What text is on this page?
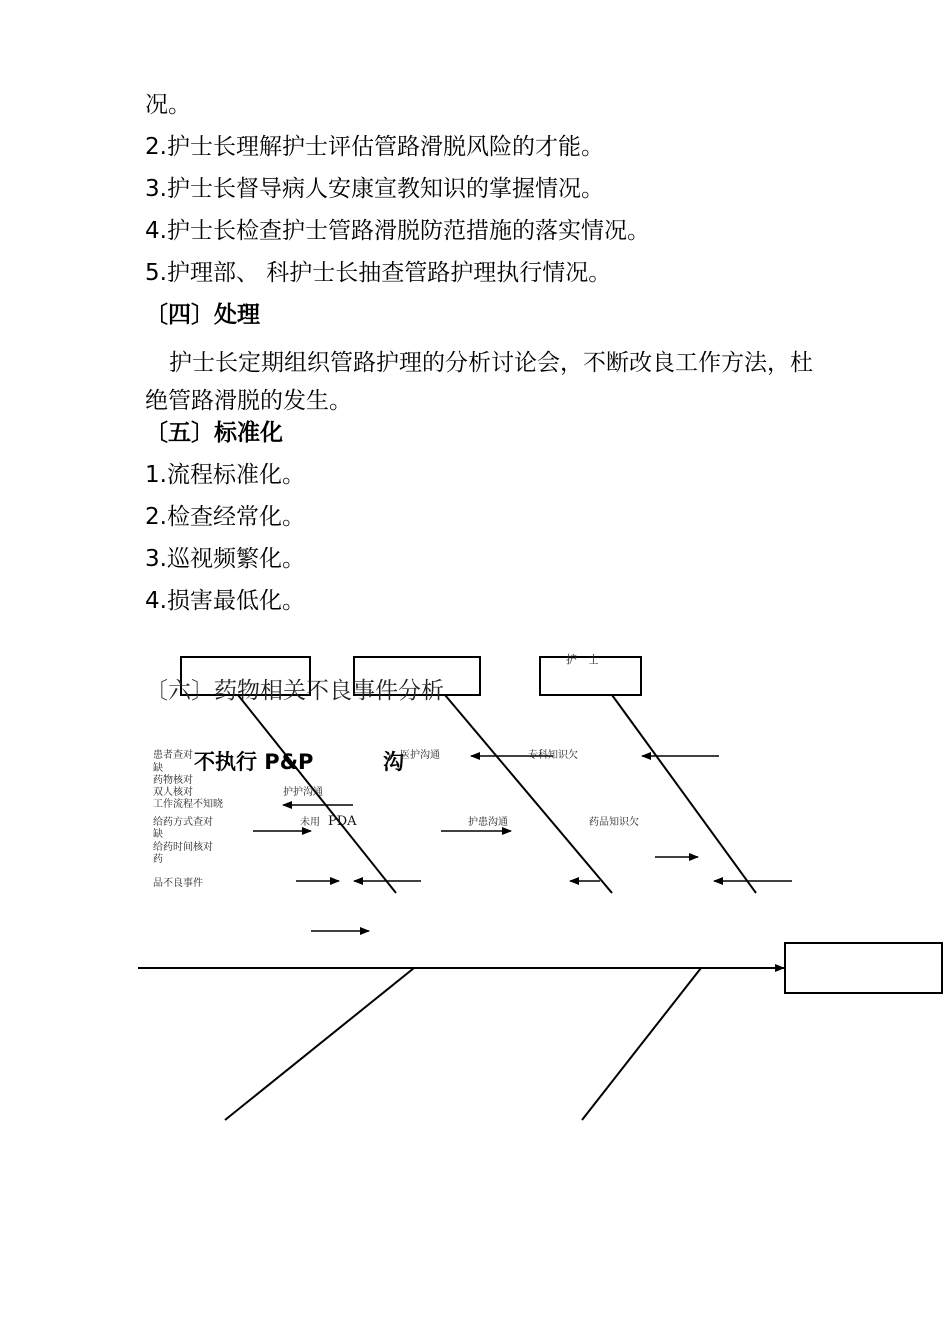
况。
2.护士长理解护士评估管路滑脱风险的才能。
3.护士长督导病人安康宣教知识的掌握情况。
4.护士长检查护士管路滑脱防范措施的落实情况。
5.护理部、 科护士长抽查管路护理执行情况。
〔四〕处理
护士长定期组织管路护理的分析讨论会，不断改良工作方法，杜绝管路滑脱的发生。
〔五〕标准化
1.流程标准化。
2.检查经常化。
3.巡视频繁化。
4.损害最低化。
〔六〕药物相关不良事件分析
护　士
不执行 P&P	沟
患者查对
缺
药物核对
双人核对
工作流程不知晓
给药方式查对
缺
给药时间核对
药
品不良事件
医护沟通
护护沟通
未用 PDA	护患沟通
专科知识欠
药品知识欠
